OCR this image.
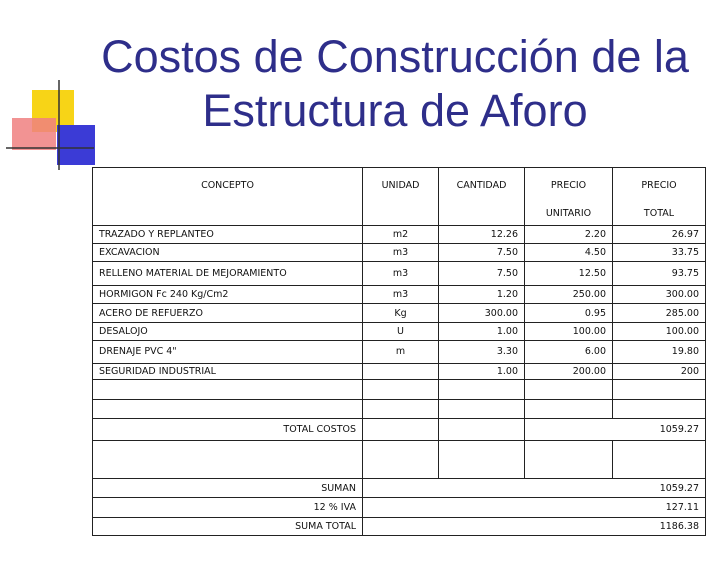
Costos de Construcción de la
Estructura de Aforo
CONCEPTO	UNIDAD	CANTIDAD	PRECIO	PRECIO
			UNITARIO	TOTAL
TRAZADO Y REPLANTEO	m2	12.26	2.20	26.97
EXCAVACION	m3	7.50	4.50	33.75
RELLENO MATERIAL DE MEJORAMIENTO	m3	7.50	12.50	93.75
HORMIGON Fc 240 Kg/Cm2	m3	1.20	250.00	300.00
ACERO DE REFUERZO	Kg	300.00	0.95	285.00
DESALOJO	U	1.00	100.00	100.00
DRENAJE PVC 4"	m	3.30	6.00	19.80
SEGURIDAD INDUSTRIAL		1.00	200.00	200

TOTAL COSTOS				1059.27

SUMAN	1059.27			
12 % IVA	127.11			
SUMA TOTAL	1186.38			
